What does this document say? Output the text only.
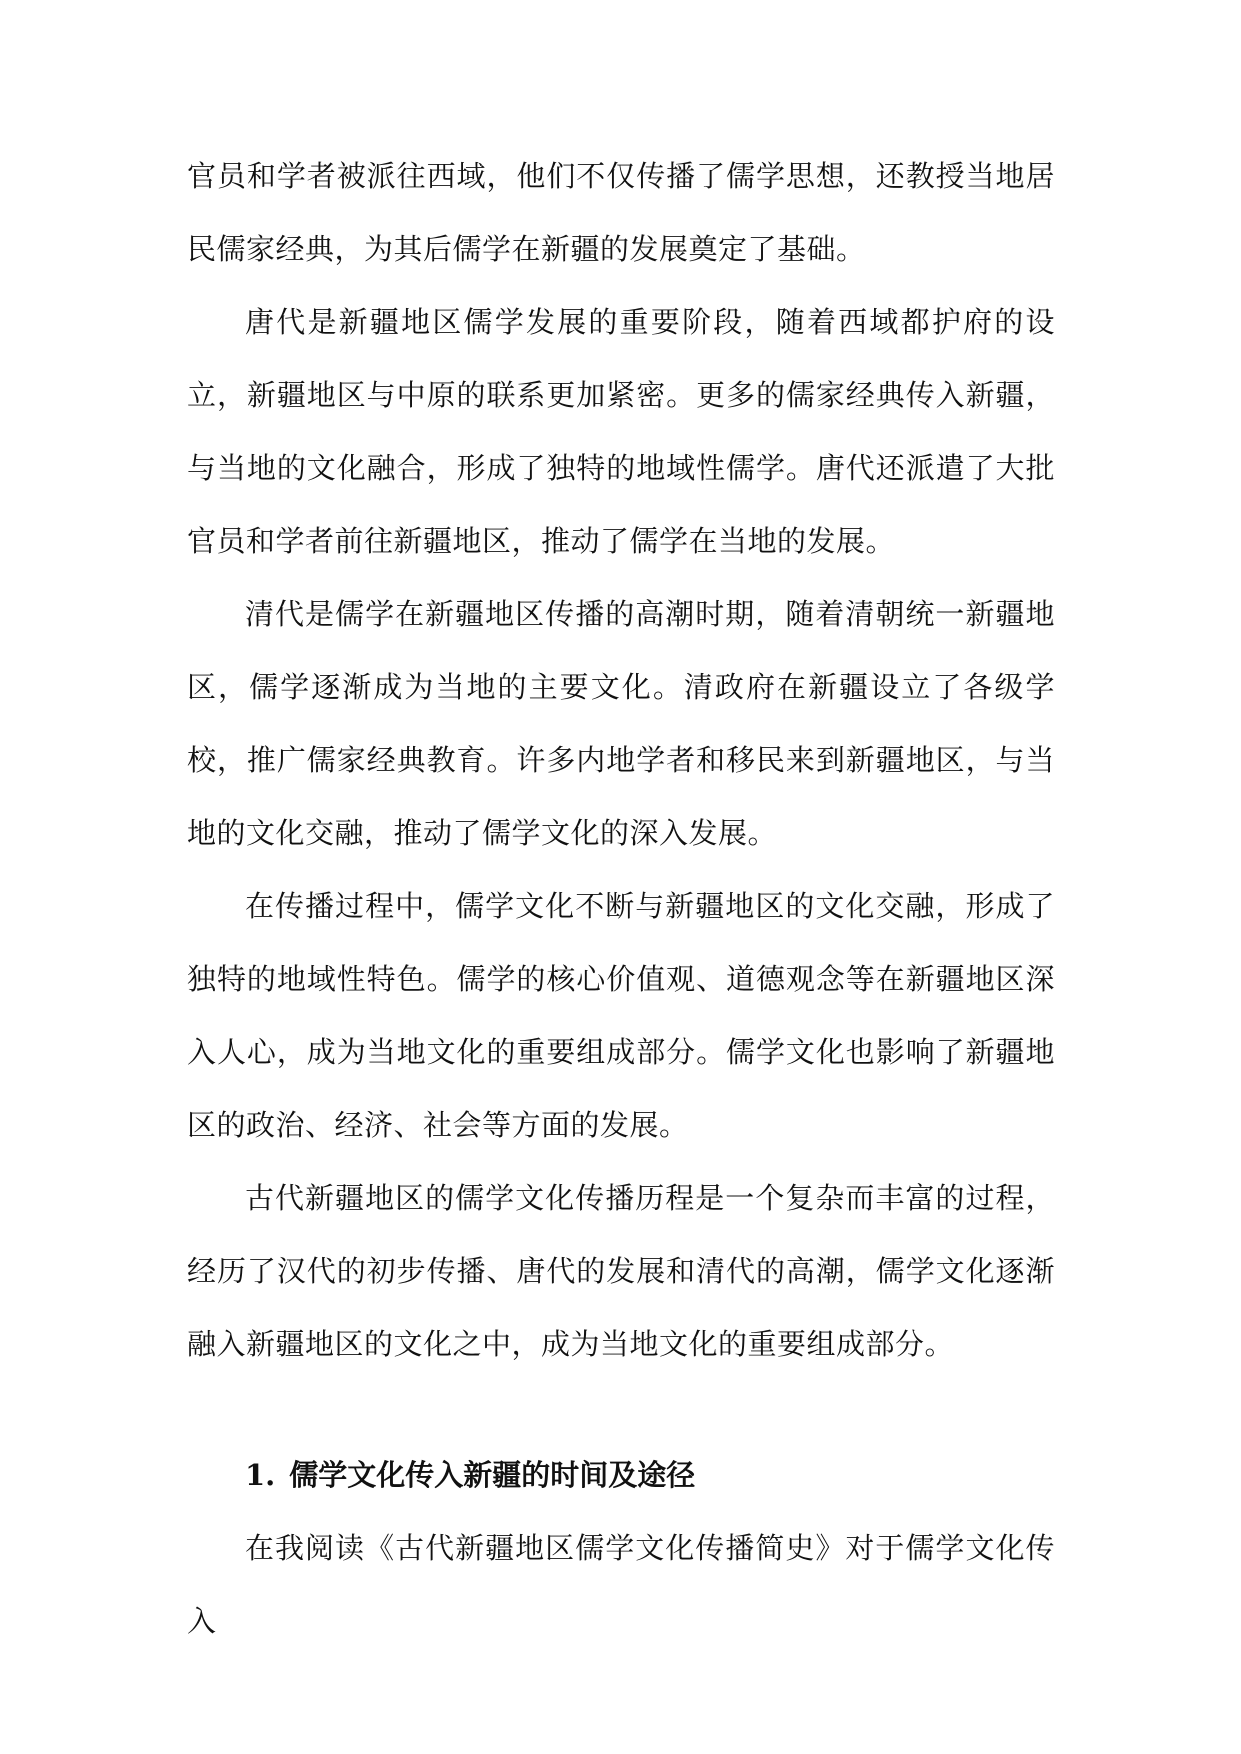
官员和学者被派往西域，他们不仅传播了儒学思想，还教授当地居民儒家经典，为其后儒学在新疆的发展奠定了基础。

唐代是新疆地区儒学发展的重要阶段，随着西域都护府的设立，新疆地区与中原的联系更加紧密。更多的儒家经典传入新疆，与当地的文化融合，形成了独特的地域性儒学。唐代还派遣了大批官员和学者前往新疆地区，推动了儒学在当地的发展。

清代是儒学在新疆地区传播的高潮时期，随着清朝统一新疆地区，儒学逐渐成为当地的主要文化。清政府在新疆设立了各级学校，推广儒家经典教育。许多内地学者和移民来到新疆地区，与当地的文化交融，推动了儒学文化的深入发展。

在传播过程中，儒学文化不断与新疆地区的文化交融，形成了独特的地域性特色。儒学的核心价值观、道德观念等在新疆地区深入人心，成为当地文化的重要组成部分。儒学文化也影响了新疆地区的政治、经济、社会等方面的发展。

古代新疆地区的儒学文化传播历程是一个复杂而丰富的过程，经历了汉代的初步传播、唐代的发展和清代的高潮，儒学文化逐渐融入新疆地区的文化之中，成为当地文化的重要组成部分。

1. 儒学文化传入新疆的时间及途径

在我阅读《古代新疆地区儒学文化传播简史》对于儒学文化传入
